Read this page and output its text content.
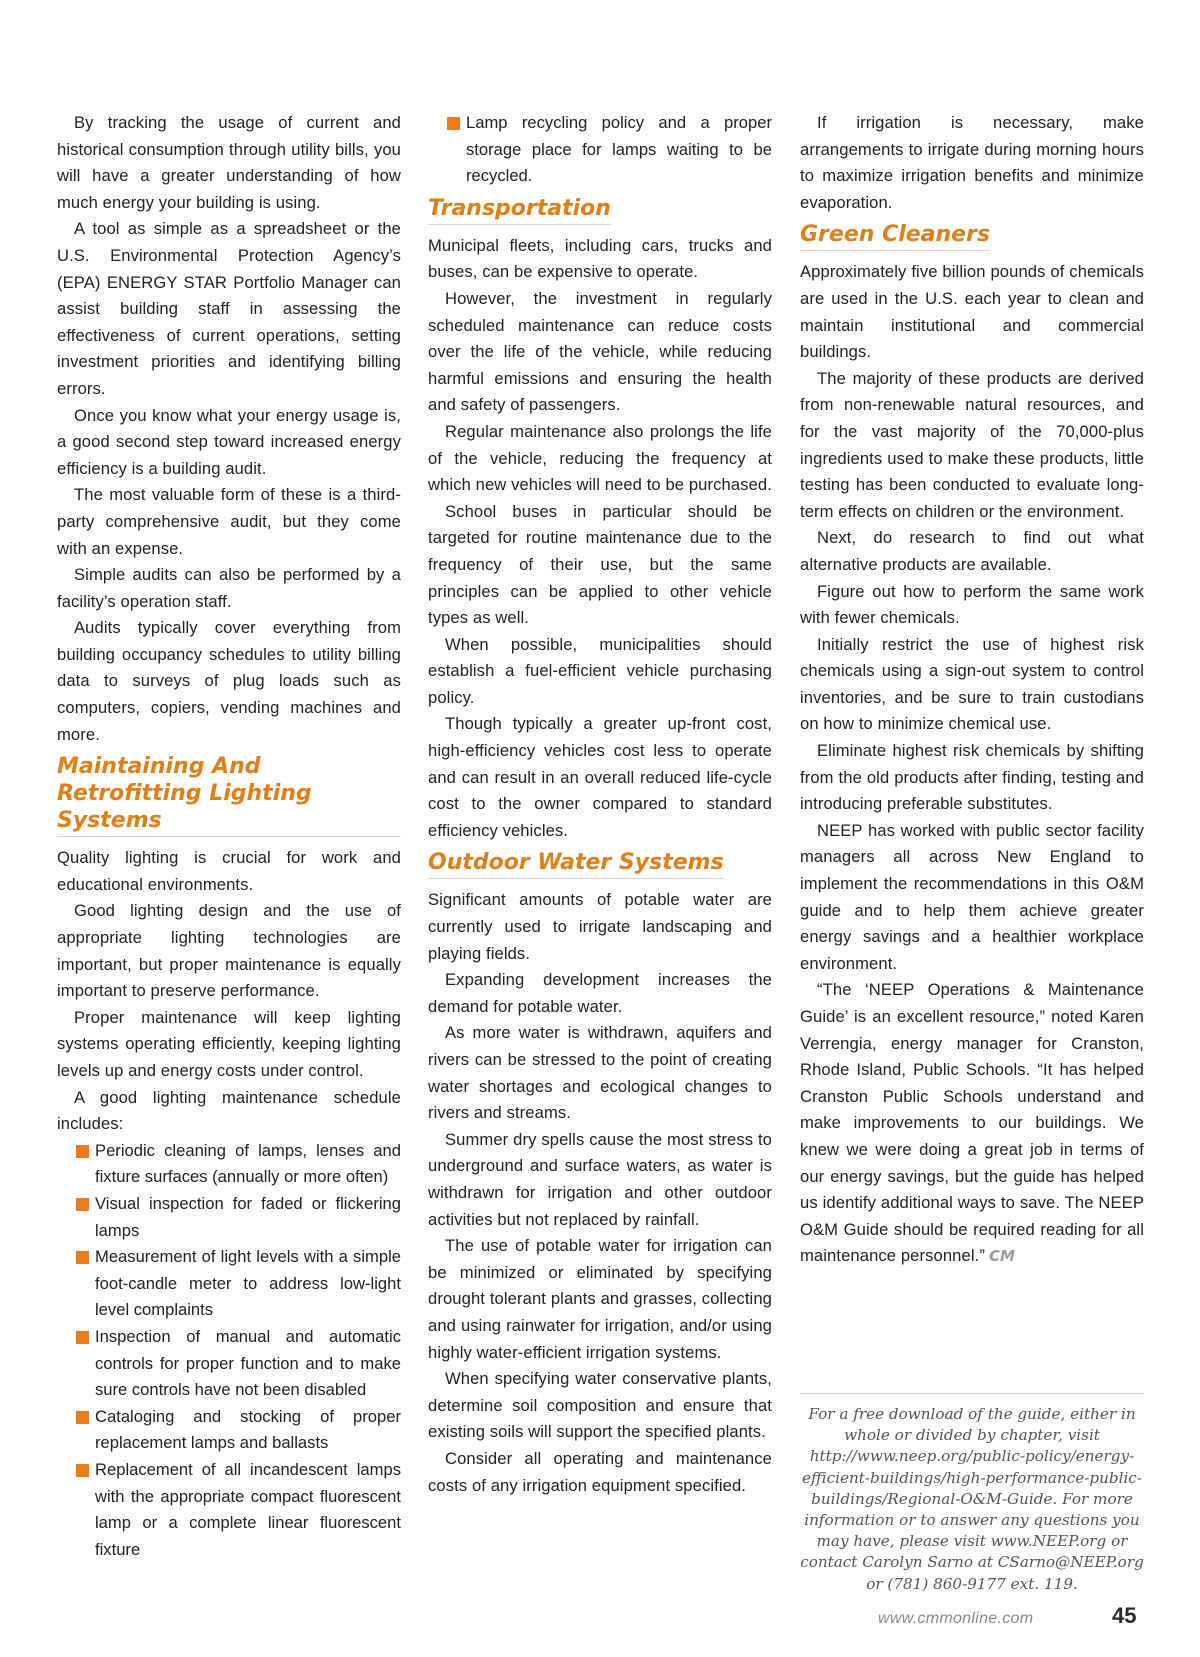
By tracking the usage of current and historical consumption through utility bills, you will have a greater understanding of how much energy your building is using.

A tool as simple as a spreadsheet or the U.S. Environmental Protection Agency’s (EPA) ENERGY STAR Portfolio Manager can assist building staff in assessing the effectiveness of current operations, setting investment priorities and identifying billing errors.

Once you know what your energy usage is, a good second step toward increased energy efficiency is a building audit.

The most valuable form of these is a third-party comprehensive audit, but they come with an expense.

Simple audits can also be performed by a facility’s operation staff.

Audits typically cover everything from building occupancy schedules to utility billing data to surveys of plug loads such as computers, copiers, vending machines and more.

Maintaining And Retrofitting Lighting Systems

Quality lighting is crucial for work and educational environments.

Good lighting design and the use of appropriate lighting technologies are important, but proper maintenance is equally important to preserve performance.

Proper maintenance will keep lighting systems operating efficiently, keeping lighting levels up and energy costs under control.

A good lighting maintenance schedule includes:

Periodic cleaning of lamps, lenses and fixture surfaces (annually or more often)
Visual inspection for faded or flickering lamps
Measurement of light levels with a simple foot-candle meter to address low-light level complaints
Inspection of manual and automatic controls for proper function and to make sure controls have not been disabled
Cataloging and stocking of proper replacement lamps and ballasts
Replacement of all incandescent lamps with the appropriate compact fluorescent lamp or a complete linear fluorescent fixture
Lamp recycling policy and a proper storage place for lamps waiting to be recycled.
Transportation

Municipal fleets, including cars, trucks and buses, can be expensive to operate.

However, the investment in regularly scheduled maintenance can reduce costs over the life of the vehicle, while reducing harmful emissions and ensuring the health and safety of passengers.

Regular maintenance also prolongs the life of the vehicle, reducing the frequency at which new vehicles will need to be purchased.

School buses in particular should be targeted for routine maintenance due to the frequency of their use, but the same principles can be applied to other vehicle types as well.

When possible, municipalities should establish a fuel-efficient vehicle purchasing policy.

Though typically a greater up-front cost, high-efficiency vehicles cost less to operate and can result in an overall reduced life-cycle cost to the owner compared to standard efficiency vehicles.

Outdoor Water Systems

Significant amounts of potable water are currently used to irrigate landscaping and playing fields.

Expanding development increases the demand for potable water.

As more water is withdrawn, aquifers and rivers can be stressed to the point of creating water shortages and ecological changes to rivers and streams.

Summer dry spells cause the most stress to underground and surface waters, as water is withdrawn for irrigation and other outdoor activities but not replaced by rainfall.

The use of potable water for irrigation can be minimized or eliminated by specifying drought tolerant plants and grasses, collecting and using rainwater for irrigation, and/or using highly water-efficient irrigation systems.

When specifying water conservative plants, determine soil composition and ensure that existing soils will support the specified plants.

Consider all operating and maintenance costs of any irrigation equipment specified.

If irrigation is necessary, make arrangements to irrigate during morning hours to maximize irrigation benefits and minimize evaporation.

Green Cleaners

Approximately five billion pounds of chemicals are used in the U.S. each year to clean and maintain institutional and commercial buildings.

The majority of these products are derived from non-renewable natural resources, and for the vast majority of the 70,000-plus ingredients used to make these products, little testing has been conducted to evaluate long-term effects on children or the environment.

Next, do research to find out what alternative products are available.

Figure out how to perform the same work with fewer chemicals.

Initially restrict the use of highest risk chemicals using a sign-out system to control inventories, and be sure to train custodians on how to minimize chemical use.

Eliminate highest risk chemicals by shifting from the old products after finding, testing and introducing preferable substitutes.

NEEP has worked with public sector facility managers all across New England to implement the recommendations in this O&M guide and to help them achieve greater energy savings and a healthier workplace environment.

“The ‘NEEP Operations & Maintenance Guide’ is an excellent resource,” noted Karen Verrengia, energy manager for Cranston, Rhode Island, Public Schools. “It has helped Cranston Public Schools understand and make improvements to our buildings. We knew we were doing a great job in terms of our energy savings, but the guide has helped us identify additional ways to save. The NEEP O&M Guide should be required reading for all maintenance personnel.” CM

For a free download of the guide, either in whole or divided by chapter, visit http://www.neep.org/public-policy/energy-efficient-buildings/high-performance-public-buildings/Regional-O&M-Guide. For more information or to answer any questions you may have, please visit www.NEEP.org or contact Carolyn Sarno at CSarno@NEEP.org or (781) 860-9177 ext. 119.
www.cmmonline.com	45
